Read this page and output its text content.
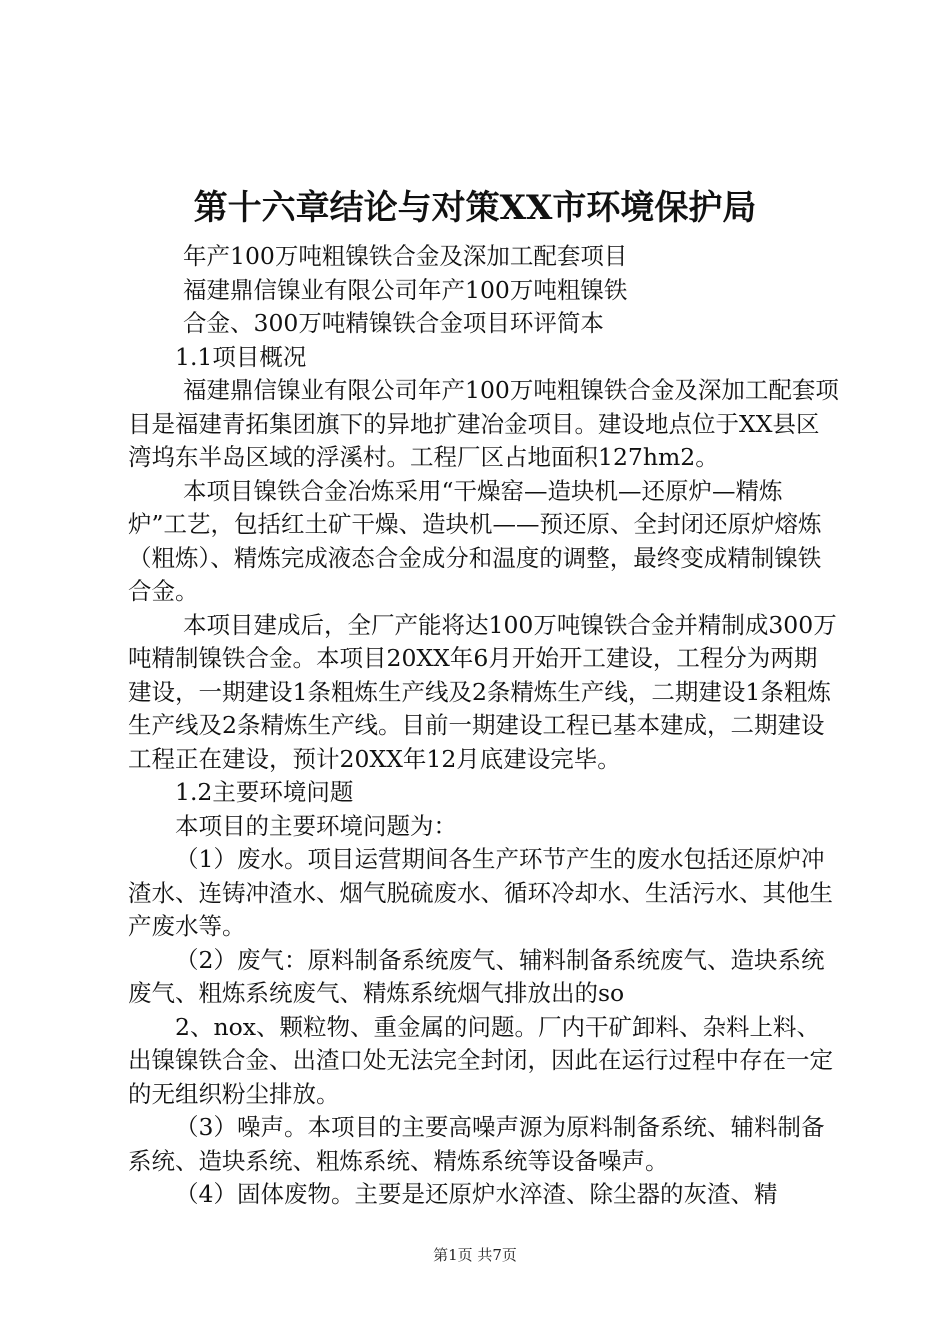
第十六章结论与对策XX市环境保护局

年产100万吨粗镍铁合金及深加工配套项目

福建鼎信镍业有限公司年产100万吨粗镍铁

合金、300万吨精镍铁合金项目环评简本

1.1项目概况

福建鼎信镍业有限公司年产100万吨粗镍铁合金及深加工配套项目是福建青拓集团旗下的异地扩建冶金项目。建设地点位于XX县区湾坞东半岛区域的浮溪村。工程厂区占地面积127hm2。

本项目镍铁合金冶炼采用“干燥窑—造块机—还原炉—精炼炉”工艺，包括红土矿干燥、造块机——预还原、全封闭还原炉熔炼（粗炼）、精炼完成液态合金成分和温度的调整，最终变成精制镍铁合金。

本项目建成后，全厂产能将达100万吨镍铁合金并精制成300万吨精制镍铁合金。本项目20XX年6月开始开工建设，工程分为两期建设，一期建设1条粗炼生产线及2条精炼生产线，二期建设1条粗炼生产线及2条精炼生产线。目前一期建设工程已基本建成，二期建设工程正在建设，预计20XX年12月底建设完毕。

1.2主要环境问题

本项目的主要环境问题为：

（1）废水。项目运营期间各生产环节产生的废水包括还原炉冲渣水、连铸冲渣水、烟气脱硫废水、循环冷却水、生活污水、其他生产废水等。

（2）废气：原料制备系统废气、辅料制备系统废气、造块系统废气、粗炼系统废气、精炼系统烟气排放出的so

2、nox、颗粒物、重金属的问题。厂内干矿卸料、杂料上料、出镍镍铁合金、出渣口处无法完全封闭，因此在运行过程中存在一定的无组织粉尘排放。

（3）噪声。本项目的主要高噪声源为原料制备系统、辅料制备系统、造块系统、粗炼系统、精炼系统等设备噪声。

（4）固体废物。主要是还原炉水淬渣、除尘器的灰渣、精

第1页 共7页
